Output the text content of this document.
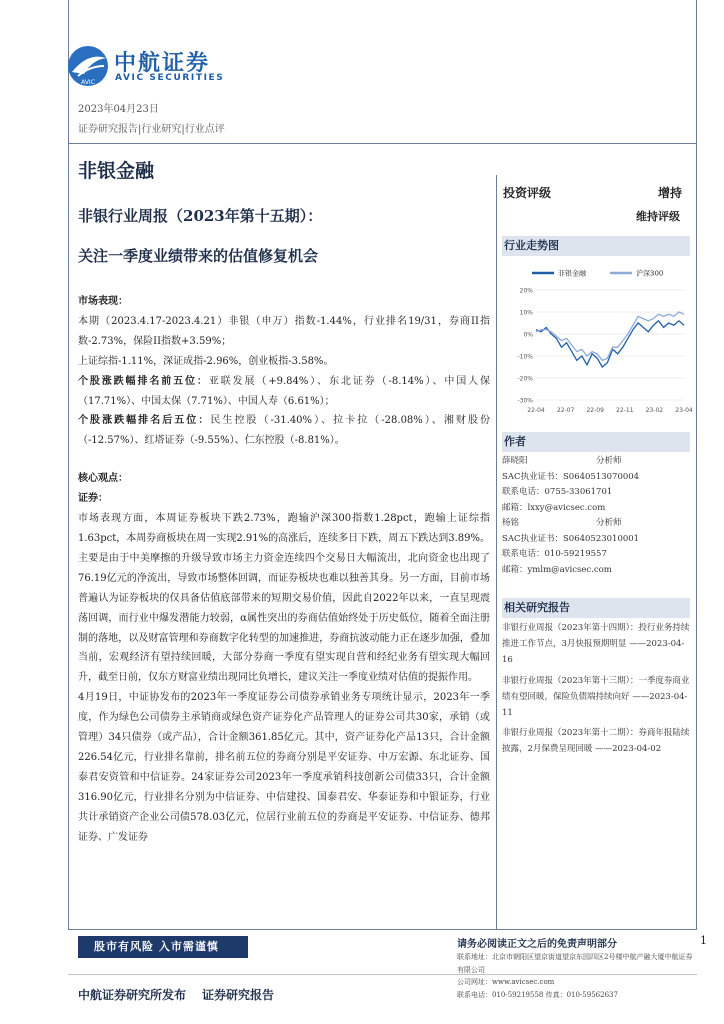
AVIC
中航证券
AVIC SECURITIES
2023年04月23日
证券研究报告|行业研究|行业点评
非银金融
非银行业周报（2023年第十五期）：
关注一季度业绩带来的估值修复机会
投资评级	增持
维持评级
行业走势图
非银金融	沪深300
20%
10%
0%
-10%
-20%
-30%
22-04 22-07 22-09 22-11 23-02 23-04
作者
薛晓阳	分析师
SAC执业证书：S0640513070004
联系电话：0755-33061701
邮箱：lxxy@avicsec.com
杨铭	分析师
SAC执业证书：S0640523010001
联系电话：010-59219557
邮箱：ymlm@avicsec.com
相关研究报告

非银行业周报（2023年第十四期）：投行业务持续推进工作节点，3月快报预期明显 ——2023-04-16

非银行业周报（2023年第十三期）：一季度券商业绩有望回暖，保险负债端持续向好 ——2023-04-11

非银行业周报（2023年第十二期）：券商年报陆续披露，2月保费呈现回暖 ——2023-04-02

市场表现：

本期（2023.4.17-2023.4.21）非银（申万）指数-1.44%，行业排名19/31，券商II指数-2.73%，保险II指数+3.59%；

上证综指-1.11%，深证成指-2.96%，创业板指-3.58%。

个股涨跌幅排名前五位：亚联发展（+9.84%）、东北证券（-8.14%）、中国人保（17.71%）、中国太保（7.71%）、中国人寿（6.61%）；

个股涨跌幅排名后五位：民生控股（-31.40%）、拉卡拉（-28.08%）、湘财股份（-12.57%）、红塔证券（-9.55%）、仁东控股（-8.81%）。

核心观点：

证券：

市场表现方面，本周证券板块下跌2.73%，跑输沪深300指数1.28pct，跑输上证综指1.63pct，本周券商板块在周一实现2.91%的高涨后，连续多日下跌，周五下跌达到3.89%。主要是由于中美摩擦的升级导致市场主力资金连续四个交易日大幅流出，北向资金也出现了76.19亿元的净流出，导致市场整体回调，而证券板块也难以独善其身。另一方面，目前市场普遍认为证券板块的仅具备估值底部带来的短期交易价值，因此自2022年以来，一直呈现震荡回调，而行业中爆发潜能力较弱，α属性突出的券商估值始终处于历史低位，随着全面注册制的落地，以及财富管理和券商数字化转型的加速推进，券商抗波动能力正在逐步加强，叠加当前，宏观经济有望持续回暖，大部分券商一季度有望实现自营和经纪业务有望实现大幅回升，截至日前，仅东方财富业绩出现同比负增长，建议关注一季度业绩对估值的提振作用。

4月19日，中证协发布的2023年一季度证券公司债券承销业务专项统计显示，2023年一季度，作为绿色公司债券主承销商或绿色资产证券化产品管理人的证券公司共30家，承销（或管理）34只债券（或产品），合计金额361.85亿元。其中，资产证券化产品13只，合计金额226.54亿元，行业排名靠前，排名前五位的券商分别是平安证券、中万宏源、东北证券、国泰君安资管和中信证券。24家证券公司2023年一季度承销科技创新公司债33只，合计金额316.90亿元，行业排名分别为中信证券、中信建投、国泰君安、华泰证券和中银证券，行业共计承销资产企业公司债578.03亿元，位居行业前五位的券商是平安证券、中信证券、德邦证券、广发证券

股市有风险 入市需谨慎	1
请务必阅读正文之后的免责声明部分
联系地址：北京市朝阳区望京街道望京东园四区2号楼中航产融大厦中航证券有限公司
公司网址：www.avicsec.com
联系电话：010-59219558 传真：010-59562637
中航证券研究所发布 证券研究报告
